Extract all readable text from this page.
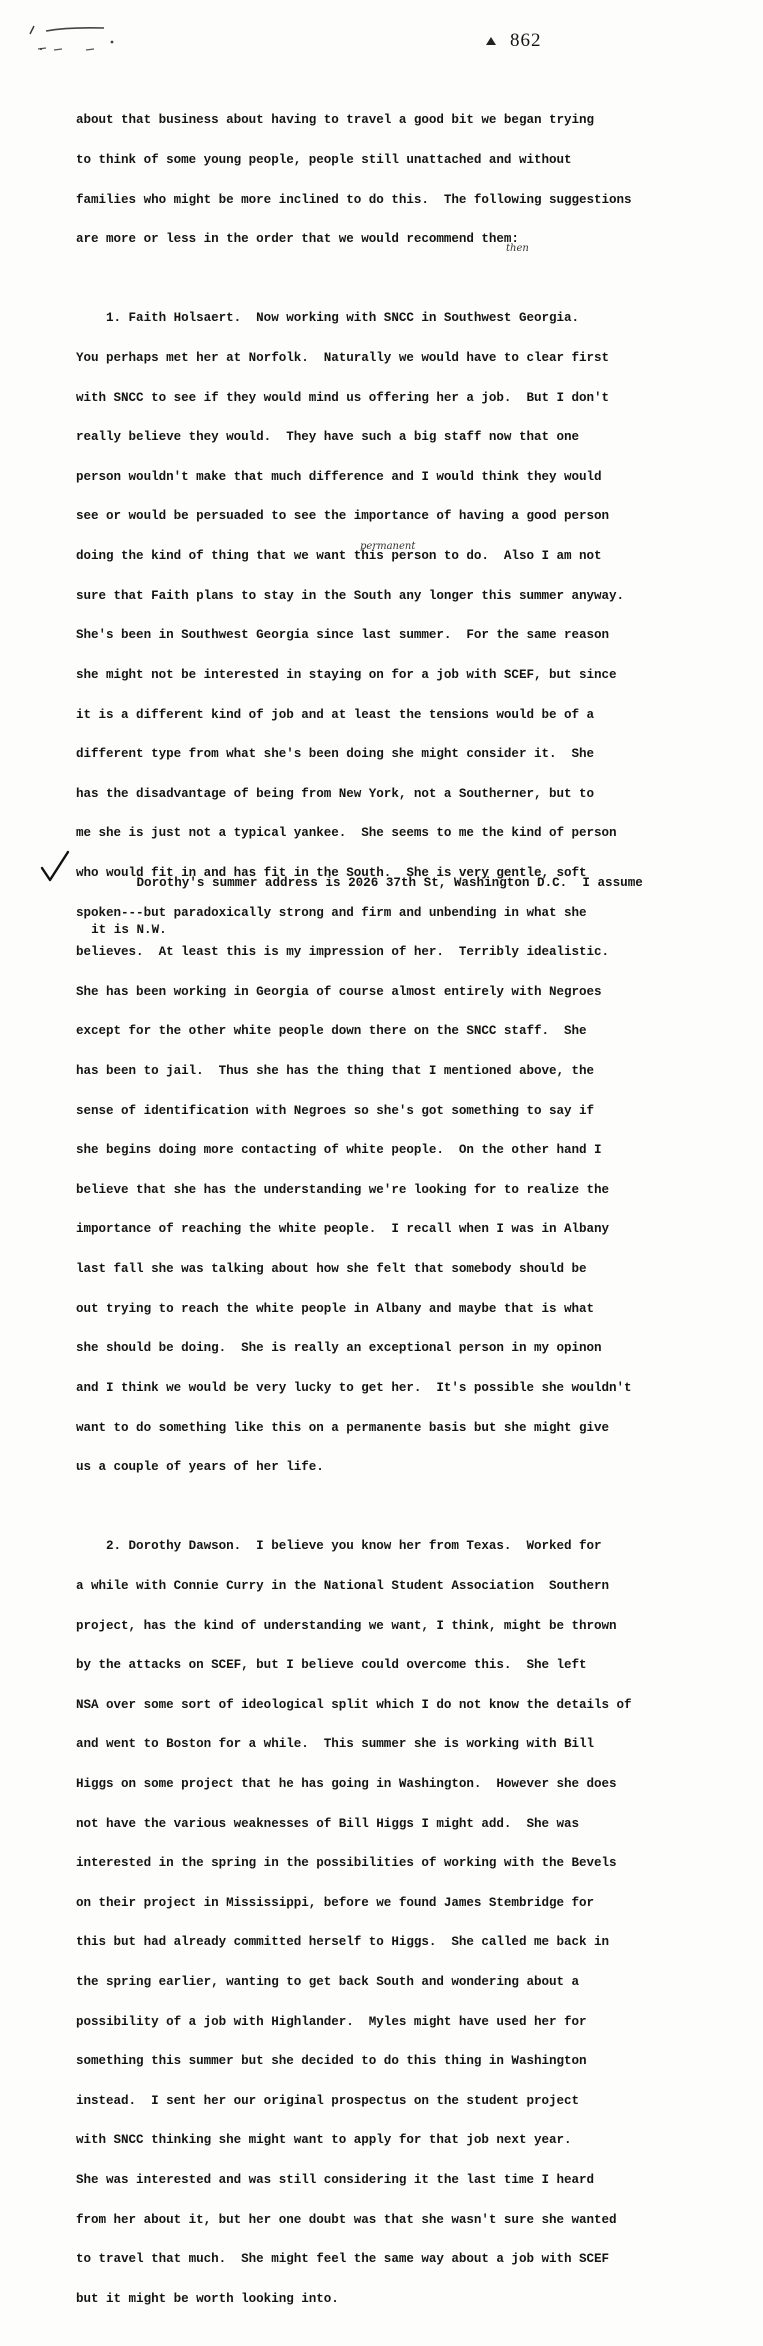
862

about that business about having to travel a good bit we began trying

to think of some young people, people still unattached and without

families who might be more inclined to do this.  The following suggestions

are more or less in the order that we would recommend them:

1. Faith Holsaert.  Now working with SNCC in Southwest Georgia.

You perhaps met her at Norfolk.  Naturally we would have to clear first

with SNCC to see if they would mind us offering her a job.  But I don't

really believe they would.  They have such a big staff now that one

person wouldn't make that much difference and I would think they would

see or would be persuaded to see the importance of having a good person

doing the kind of thing that we want this person to do.  Also I am not

sure that Faith plans to stay in the South any longer this summer anyway.

She's been in Southwest Georgia since last summer.  For the same reason

she might not be interested in staying on for a job with SCEF, but since

it is a different kind of job and at least the tensions would be of a

different type from what she's been doing she might consider it.  She

has the disadvantage of being from New York, not a Southerner, but to

me she is just not a typical yankee.  She seems to me the kind of person

who would fit in and has fit in the South.  She is very gentle, soft

spoken---but paradoxically strong and firm and unbending in what she

believes.  At least this is my impression of her.  Terribly idealistic.

She has been working in Georgia of course almost entirely with Negroes

except for the other white people down there on the SNCC staff.  She

has been to jail.  Thus she has the thing that I mentioned above, the

sense of identification with Negroes so she's got something to say if

she begins doing more contacting of white people.  On the other hand I

believe that she has the understanding we're looking for to realize the

importance of reaching the white people.  I recall when I was in Albany

last fall she was talking about how she felt that somebody should be

out trying to reach the white people in Albany and maybe that is what

she should be doing.  She is really an exceptional person in my opinon

and I think we would be very lucky to get her.  It's possible she wouldn't

want to do something like this on a permanente basis but she might give

us a couple of years of her life.

2. Dorothy Dawson.  I believe you know her from Texas.  Worked for

a while with Connie Curry in the National Student Association  Southern

project, has the kind of understanding we want, I think, might be thrown

by the attacks on SCEF, but I believe could overcome this.  She left

NSA over some sort of ideological split which I do not know the details of

and went to Boston for a while.  This summer she is working with Bill

Higgs on some project that he has going in Washington.  However she does

not have the various weaknesses of Bill Higgs I might add.  She was

interested in the spring in the possibilities of working with the Bevels

on their project in Mississippi, before we found James Stembridge for

this but had already committed herself to Higgs.  She called me back in

the spring earlier, wanting to get back South and wondering about a

possibility of a job with Highlander.  Myles might have used her for

something this summer but she decided to do this thing in Washington

instead.  I sent her our original prospectus on the student project

with SNCC thinking she might want to apply for that job next year.

She was interested and was still considering it the last time I heard

from her about it, but her one doubt was that she wasn't sure she wanted

to travel that much.  She might feel the same way about a job with SCEF

but it might be worth looking into.

Dorothy's summer address is 2026 37th St, Washington D.C.  I assume

it is N.W.

then
permanent
